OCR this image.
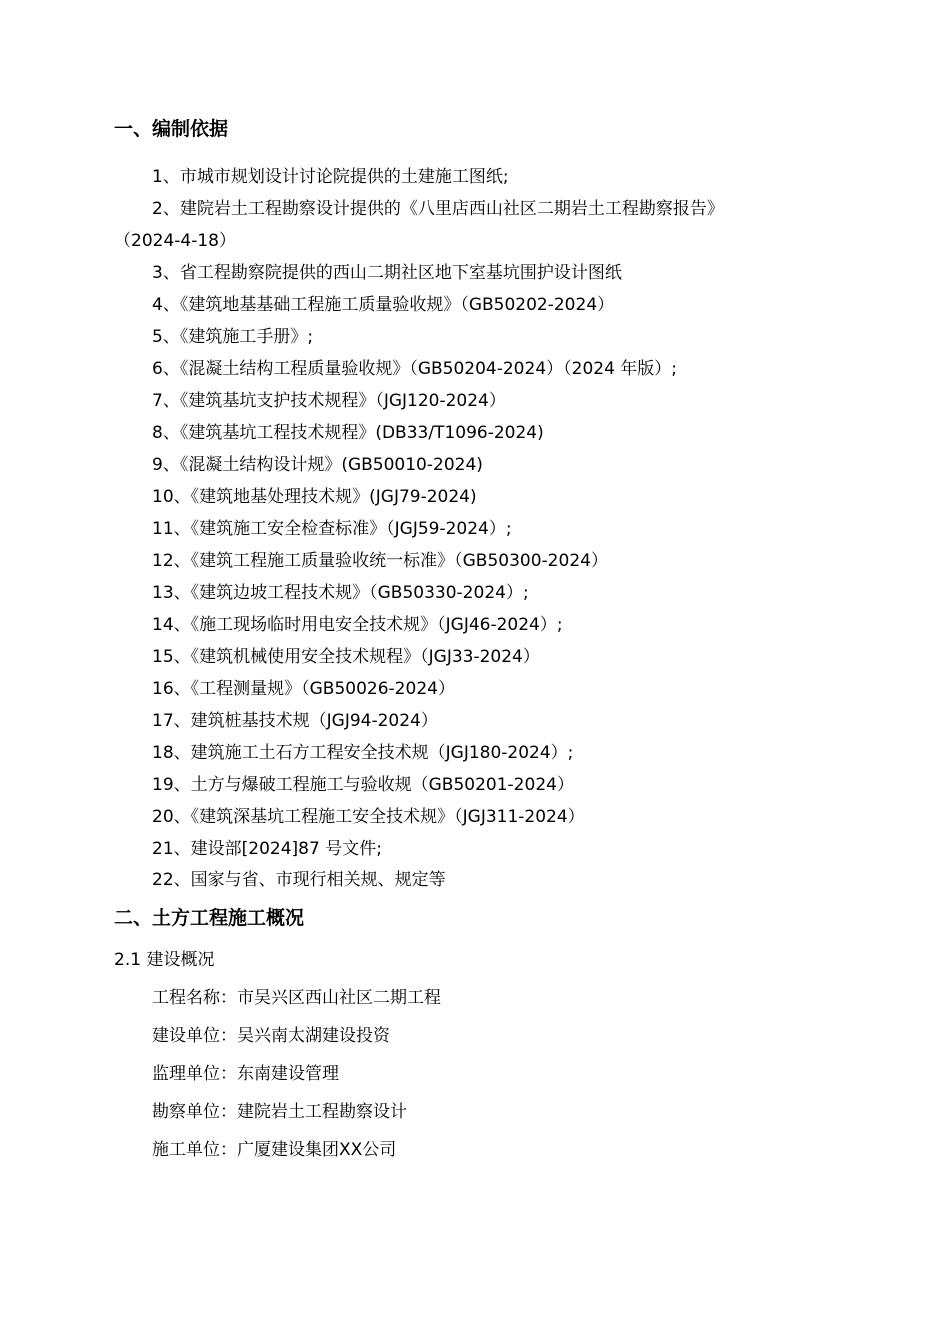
一、编制依据
1、市城市规划设计讨论院提供的土建施工图纸;
2、建院岩土工程勘察设计提供的《八里店西山社区二期岩土工程勘察报告》
（2024-4-18）
3、省工程勘察院提供的西山二期社区地下室基坑围护设计图纸
4、《建筑地基基础工程施工质量验收规》（GB50202-2024）
5、《建筑施工手册》;
6、《混凝土结构工程质量验收规》（GB50204-2024）（2024 年版）;
7、《建筑基坑支护技术规程》（JGJ120-2024）
8、《建筑基坑工程技术规程》(DB33/T1096-2024)
9、《混凝土结构设计规》(GB50010-2024)
10、《建筑地基处理技术规》(JGJ79-2024)
11、《建筑施工安全检查标准》（JGJ59-2024）;
12、《建筑工程施工质量验收统一标准》（GB50300-2024）
13、《建筑边坡工程技术规》（GB50330-2024）;
14、《施工现场临时用电安全技术规》（JGJ46-2024）;
15、《建筑机械使用安全技术规程》（JGJ33-2024）
16、《工程测量规》（GB50026-2024）
17、建筑桩基技术规（JGJ94-2024）
18、建筑施工土石方工程安全技术规（JGJ180-2024）;
19、土方与爆破工程施工与验收规（GB50201-2024）
20、《建筑深基坑工程施工安全技术规》（JGJ311-2024）
21、建设部[2024]87 号文件;
22、国家与省、市现行相关规、规定等
二、土方工程施工概况
2.1 建设概况
工程名称：市吴兴区西山社区二期工程
建设单位：吴兴南太湖建设投资
监理单位：东南建设管理
勘察单位：建院岩土工程勘察设计
施工单位：广厦建设集团XX公司
